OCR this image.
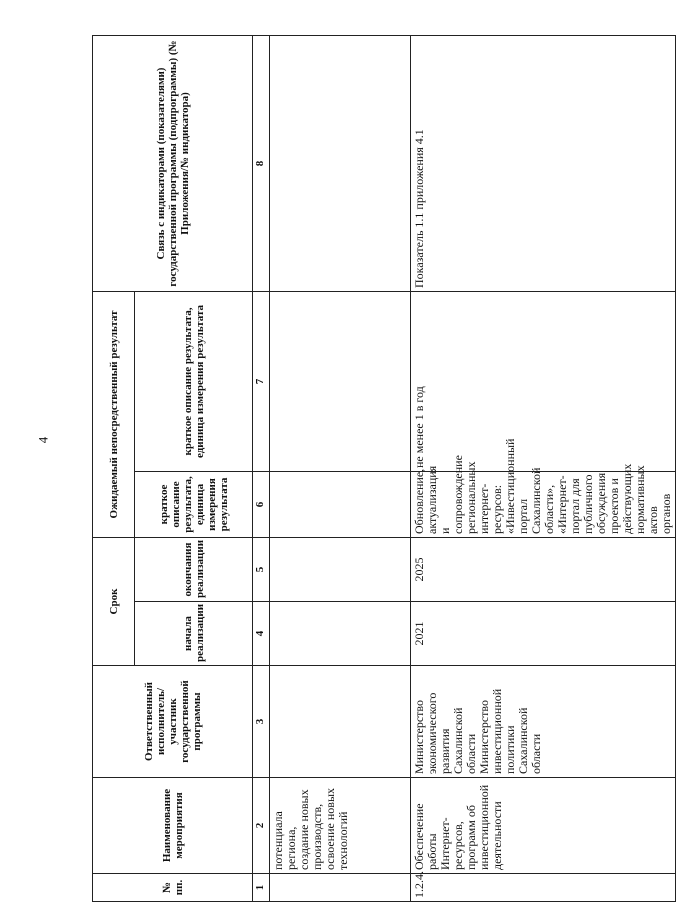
4
№ пп.	Наименование мероприятия	Ответственный исполнитель/участник государственной программы	Срок		Ожидаемый непосредственный результат		Связь с индикаторами (показателями) государственной программы (подпрограммы) (№ Приложения/№ индикатора)
			начала реализации	окончания реализации	краткое описание результата, единица измерения результата	краткое описание результата, единица измерения результата	
1	2	3	4	5	6	7	8
	потенциала региона, создание новых производств, освоение новых технологий						
1.2.4.	Обеспечение работы Интернет-ресурсов, программ об инвестиционной деятельности	Министерство экономического развития Сахалинской области Министерство инвестиционной политики Сахалинской области	2021	2025	Обновление, актуализация и сопровождение региональных интернет-ресурсов: «Инвестиционный портал Сахалинской области», «Интернет-портал для публичного обсуждения проектов и действующих нормативных актов органов	не менее 1 в год	Показатель 1.1 приложения 4.1
